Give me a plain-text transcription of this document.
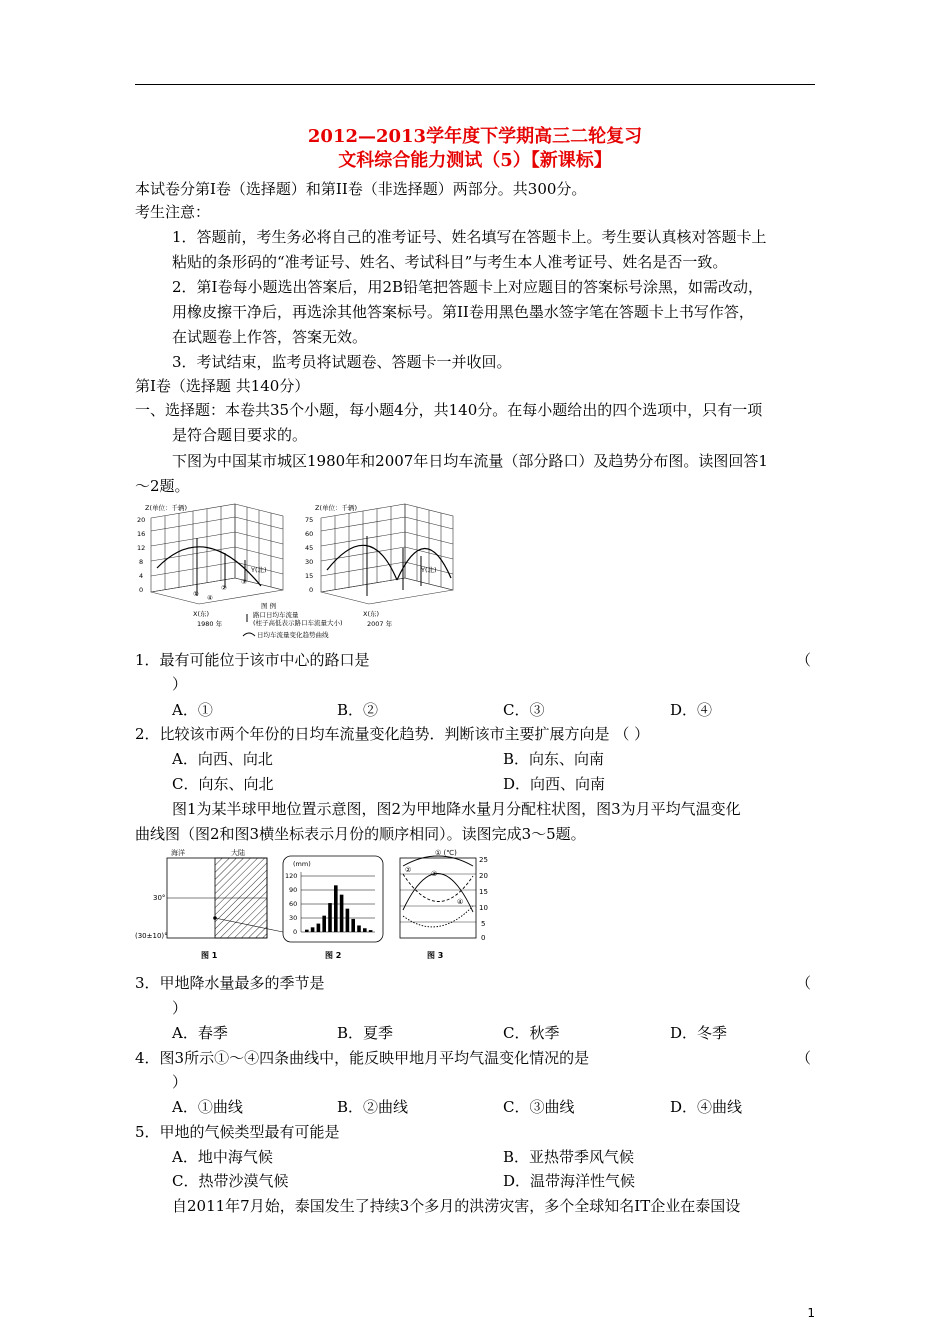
2012—2013学年度下学期高三二轮复习
文科综合能力测试（5）【新课标】
本试卷分第Ⅰ卷（选择题）和第II卷（非选择题）两部分。共300分。
考生注意：
1．答题前，考生务必将自己的准考证号、姓名填写在答题卡上。考生要认真核对答题卡上
粘贴的条形码的“准考证号、姓名、考试科目”与考生本人准考证号、姓名是否一致。
2．第Ⅰ卷每小题选出答案后，用2B铅笔把答题卡上对应题目的答案标号涂黑，如需改动，
用橡皮擦干净后，再选涂其他答案标号。第II卷用黑色墨水签字笔在答题卡上书写作答，
在试题卷上作答，答案无效。
3．考试结束，监考员将试题卷、答题卡一并收回。
第Ⅰ卷（选择题 共140分）
一、选择题：本卷共35个小题，每小题4分，共140分。在每小题给出的四个选项中，只有一项
是符合题目要求的。
下图为中国某市城区1980年和2007年日均车流量（部分路口）及趋势分布图。读图回答1
～2题。
Z(单位：千辆)
20
16
12
8
4
0
Y(北)
X(东)
1980 年
①
②
③
④
Z(单位：千辆)
75
60
45
30
15
0
Y(北)
X(东)
2007 年
图 例
路口日均车流量
(柱子高低表示路口车流量大小)
日均车流量变化趋势曲线
1．最有可能位于该市中心的路口是	（
）
A．①	B．②	C．③	D．④
2．比较该市两个年份的日均车流量变化趋势．判断该市主要扩展方向是 （ ）
A．向西、向北	B．向东、向南
C．向东、向北	D．向西、向南
图1为某半球甲地位置示意图，图2为甲地降水量月分配柱状图，图3为月平均气温变化
曲线图（图2和图3横坐标表示月份的顺序相同）。读图完成3～5题。
海洋	大陆
30°
(30±10)°
(mm)
120
90
60
30
0
① (℃)
25
20
15
10
5
0
②	③
④
图 1	图 2	图 3
3．甲地降水量最多的季节是	（
）
A．春季	B．夏季	C．秋季	D．冬季
4．图3所示①～④四条曲线中，能反映甲地月平均气温变化情况的是	（
）
A．①曲线	B．②曲线	C．③曲线	D．④曲线
5．甲地的气候类型最有可能是
A．地中海气候	B．亚热带季风气候
C．热带沙漠气候	D．温带海洋性气候
自2011年7月始，泰国发生了持续3个多月的洪涝灾害，多个全球知名IT企业在泰国设
1
